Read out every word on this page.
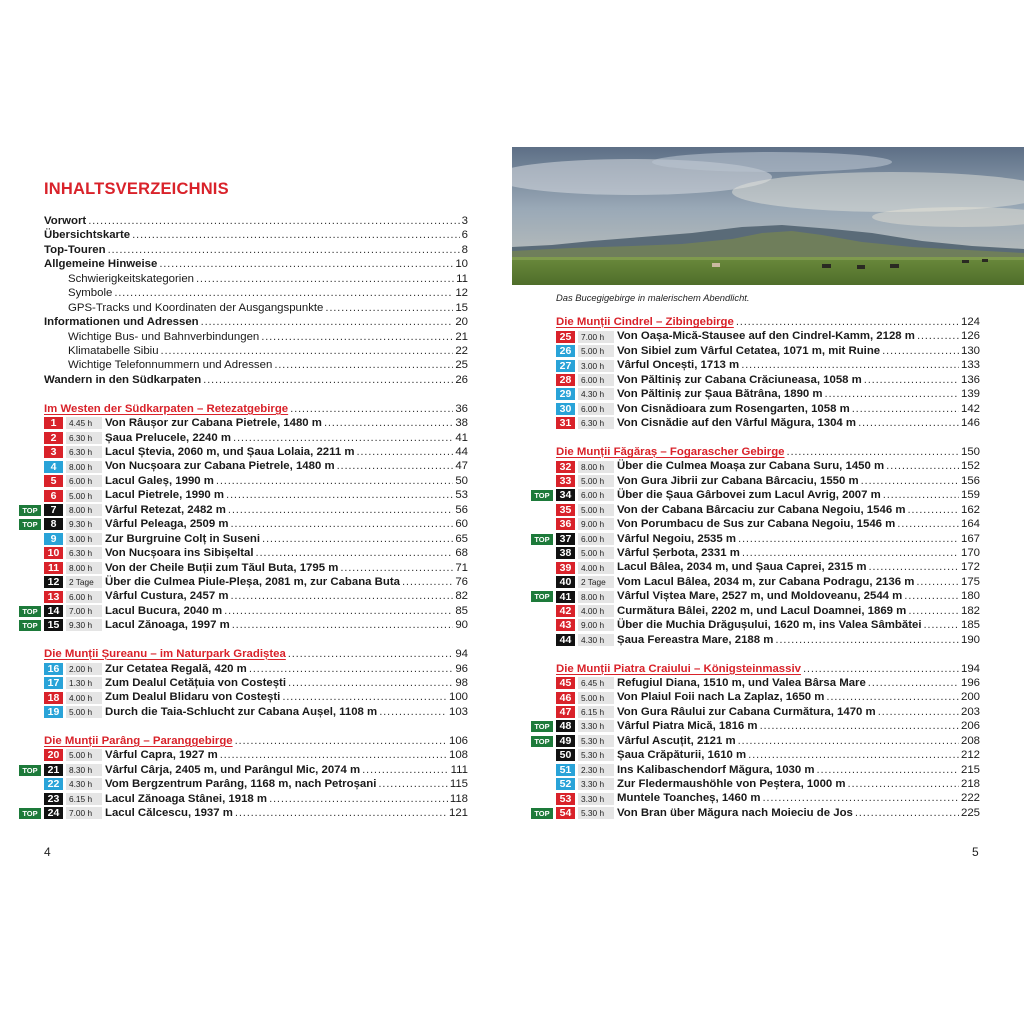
INHALTSVERZEICHNIS
Vorwort . . .	3
Übersichtskarte . . .	6
Top-Touren . . .	8
Allgemeine Hinweise . . .	10
Schwierigkeitskategorien . . .	11
Symbole . . .	12
GPS-Tracks und Koordinaten der Ausgangspunkte . . .	15
Informationen und Adressen . . .	20
Wichtige Bus- und Bahnverbindungen . . .	21
Klimatabelle Sibiu . . .	22
Wichtige Telefonnummern und Adressen . . .	25
Wandern in den Südkarpaten . . .	26
Im Westen der Südkarpaten – Retezatgebirge . . .	36
1	4.45 h	Von Râușor zur Cabana Pietrele, 1480 m . . .	38
2	6.30 h	Șaua Prelucele, 2240 m . . .	41
3	6.30 h	Lacul Ștevia, 2060 m, und Șaua Lolaia, 2211 m . . .	44
4	8.00 h	Von Nucșoara zur Cabana Pietrele, 1480 m . . .	47
5	6.00 h	Lacul Galeș, 1990 m . . .	50
6	5.00 h	Lacul Pietrele, 1990 m . . .	53
TOP	7	8.00 h	Vârful Retezat, 2482 m . . .	56
TOP	8	9.30 h	Vârful Peleaga, 2509 m . . .	60
9	3.00 h	Zur Burgruine Colț in Suseni . . .	65
10	6.30 h	Von Nucșoara ins Sibișeltal . . .	68
11	8.00 h	Von der Cheile Buții zum Tăul Buta, 1795 m . . .	71
12	2 Tage Über die Culmea Piule-Pleșa, 2081 m, zur Cabana Buta . . .	76
13	6.00 h	Vârful Custura, 2457 m . . .	82
TOP 14	7.00 h	Lacul Bucura, 2040 m . . .	85
TOP 15	9.30 h	Lacul Zănoaga, 1997 m . . .	90
Die Munții Șureanu – im Naturpark Gradiștea . . .	94
16	2.00 h	Zur Cetatea Regală, 420 m . . .	96
17	1.30 h	Zum Dealul Cetățuia von Costești . . .	98
18	4.00 h	Zum Dealul Blidaru von Costești . . .	100
19	5.00 h	Durch die Taia-Schlucht zur Cabana Aușel, 1108 m . . .	103
Die Munții Parâng – Paranggebirge . . .	106
20	5.00 h	Vârful Capra, 1927 m . . .	108
TOP 21	8.30 h	Vârful Cârja, 2405 m, und Parângul Mic, 2074 m . . .	111
22	4.30 h	Vom Bergzentrum Parâng, 1168 m, nach Petroșani . . .	115
23	6.15 h	Lacul Zănoaga Stânei, 1918 m . . .	118
TOP 24	7.00 h	Lacul Călcescu, 1937 m . . .	121
4
Das Bucegigebirge in malerischem Abendlicht.
Die Munții Cindrel – Zibingebirge . . .	124
25	7.00 h	Von Oașa-Mică-Stausee auf den Cindrel-Kamm, 2128 m . . .	126
26	5.00 h	Von Sibiel zum Vârful Cetatea, 1071 m, mit Ruine . . .	130
27	3.00 h	Vârful Oncești, 1713 m . . .	133
28	6.00 h	Von Păltiniș zur Cabana Crăciuneasa, 1058 m . . .	136
29	4.30 h	Von Păltiniș zur Șaua Bătrâna, 1890 m . . .	139
30	6.00 h	Von Cisnădioara zum Rosengarten, 1058 m . . .	142
31	6.30 h	Von Cisnădie auf den Vârful Măgura, 1304 m . . .	146
Die Munții Făgăraș – Fogarascher Gebirge . . .	150
32	8.00 h	Über die Culmea Moașa zur Cabana Suru, 1450 m . . .	152
33	5.00 h	Von Gura Jibrii zur Cabana Bârcaciu, 1550 m . . .	156
TOP 34	6.00 h	Über die Șaua Gârbovei zum Lacul Avrig, 2007 m . . .	159
35	5.00 h	Von der Cabana Bârcaciu zur Cabana Negoiu, 1546 m . . .	162
36	9.00 h	Von Porumbacu de Sus zur Cabana Negoiu, 1546 m . . .	164
TOP 37	6.00 h	Vârful Negoiu, 2535 m . . .	167
38	5.00 h	Vârful Șerbota, 2331 m . . .	170
39	4.00 h	Lacul Bâlea, 2034 m, und Șaua Caprei, 2315 m . . .	172
40	2 Tage Vom Lacul Bâlea, 2034 m, zur Cabana Podragu, 2136 m . . .	175
TOP 41	8.00 h	Vârful Viștea Mare, 2527 m, und Moldoveanu, 2544 m . . .	180
42	4.00 h	Curmătura Bâlei, 2202 m, und Lacul Doamnei, 1869 m . . .	182
43	9.00 h	Über die Muchia Drăgușului, 1620 m, ins Valea Sâmbătei . . .	185
44	4.30 h	Șaua Fereastra Mare, 2188 m . . .	190
Die Munții Piatra Craiului – Königsteinmassiv . . .	194
45	6.45 h	Refugiul Diana, 1510 m, und Valea Bârsa Mare . . .	196
46	5.00 h	Von Plaiul Foii nach La Zaplaz, 1650 m . . .	200
47	6.15 h	Von Gura Râului zur Cabana Curmătura, 1470 m . . .	203
TOP 48	3.30 h	Vârful Piatra Mică, 1816 m . . .	206
TOP 49	5.30 h	Vârful Ascuțit, 2121 m . . .	208
50	5.30 h	Șaua Crăpăturii, 1610 m . . .	212
51	2.30 h	Ins Kalibaschendorf Măgura, 1030 m . . .	215
52	3.30 h	Zur Fledermaushöhle von Peștera, 1000 m . . .	218
53	3.30 h	Muntele Toancheș, 1460 m . . .	222
TOP 54	5.30 h	Von Bran über Măgura nach Moieciu de Jos . . .	225
5
